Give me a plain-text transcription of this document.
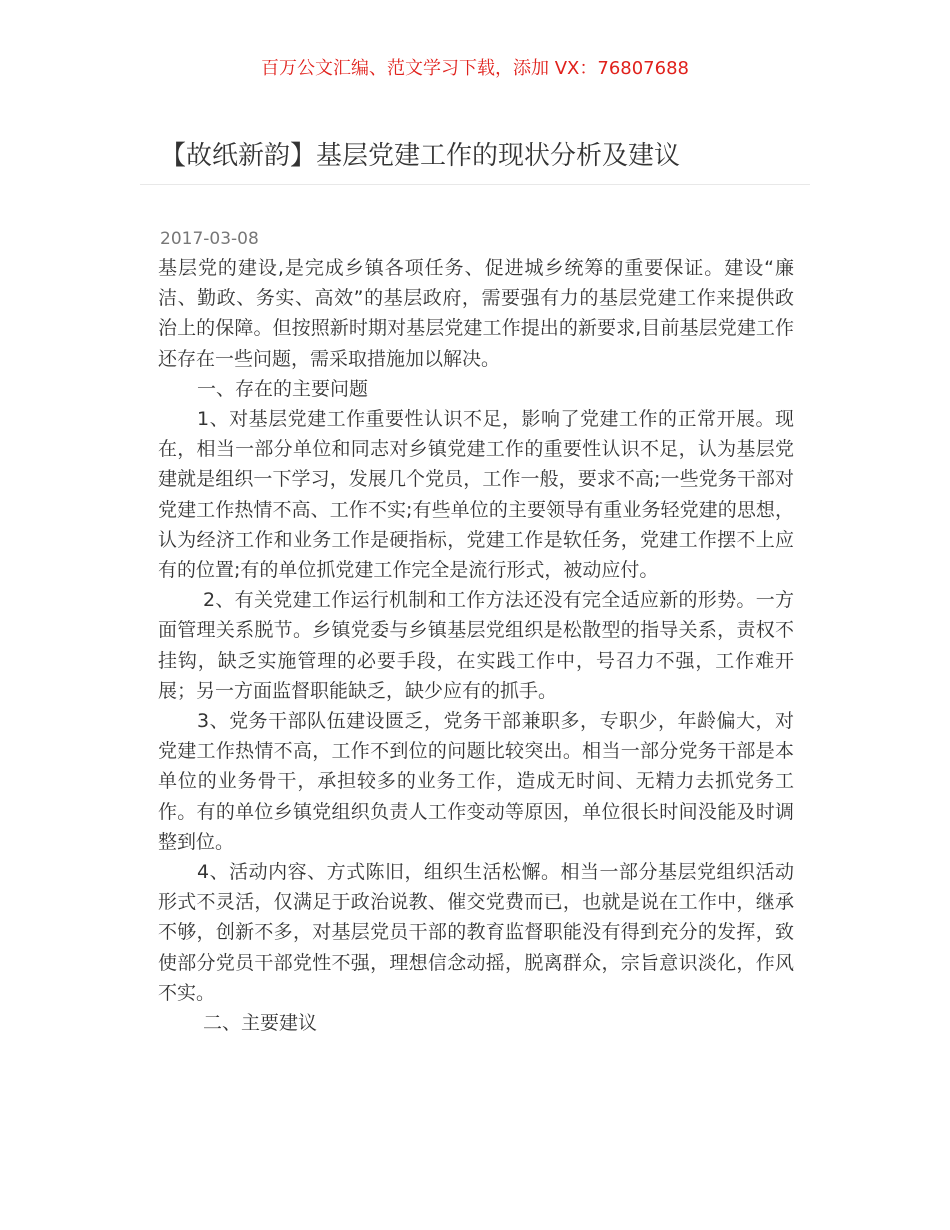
百万公文汇编、范文学习下载，添加 VX：76807688
【故纸新韵】基层党建工作的现状分析及建议
2017-03-08

基层党的建设,是完成乡镇各项任务、促进城乡统筹的重要保证。建设“廉洁、勤政、务实、高效”的基层政府，需要强有力的基层党建工作来提供政治上的保障。但按照新时期对基层党建工作提出的新要求,目前基层党建工作还存在一些问题，需采取措施加以解决。

一、存在的主要问题

1、对基层党建工作重要性认识不足，影响了党建工作的正常开展。现在，相当一部分单位和同志对乡镇党建工作的重要性认识不足，认为基层党建就是组织一下学习，发展几个党员，工作一般，要求不高;一些党务干部对党建工作热情不高、工作不实;有些单位的主要领导有重业务轻党建的思想，认为经济工作和业务工作是硬指标，党建工作是软任务，党建工作摆不上应有的位置;有的单位抓党建工作完全是流行形式，被动应付。

2、有关党建工作运行机制和工作方法还没有完全适应新的形势。一方面管理关系脱节。乡镇党委与乡镇基层党组织是松散型的指导关系，责权不挂钩，缺乏实施管理的必要手段，在实践工作中，号召力不强，工作难开展；另一方面监督职能缺乏，缺少应有的抓手。

3、党务干部队伍建设匮乏，党务干部兼职多，专职少，年龄偏大，对党建工作热情不高，工作不到位的问题比较突出。相当一部分党务干部是本单位的业务骨干，承担较多的业务工作，造成无时间、无精力去抓党务工作。有的单位乡镇党组织负责人工作变动等原因，单位很长时间没能及时调整到位。

4、活动内容、方式陈旧，组织生活松懈。相当一部分基层党组织活动形式不灵活，仅满足于政治说教、催交党费而已，也就是说在工作中，继承不够，创新不多，对基层党员干部的教育监督职能没有得到充分的发挥，致使部分党员干部党性不强，理想信念动摇，脱离群众，宗旨意识淡化，作风不实。

二、主要建议
